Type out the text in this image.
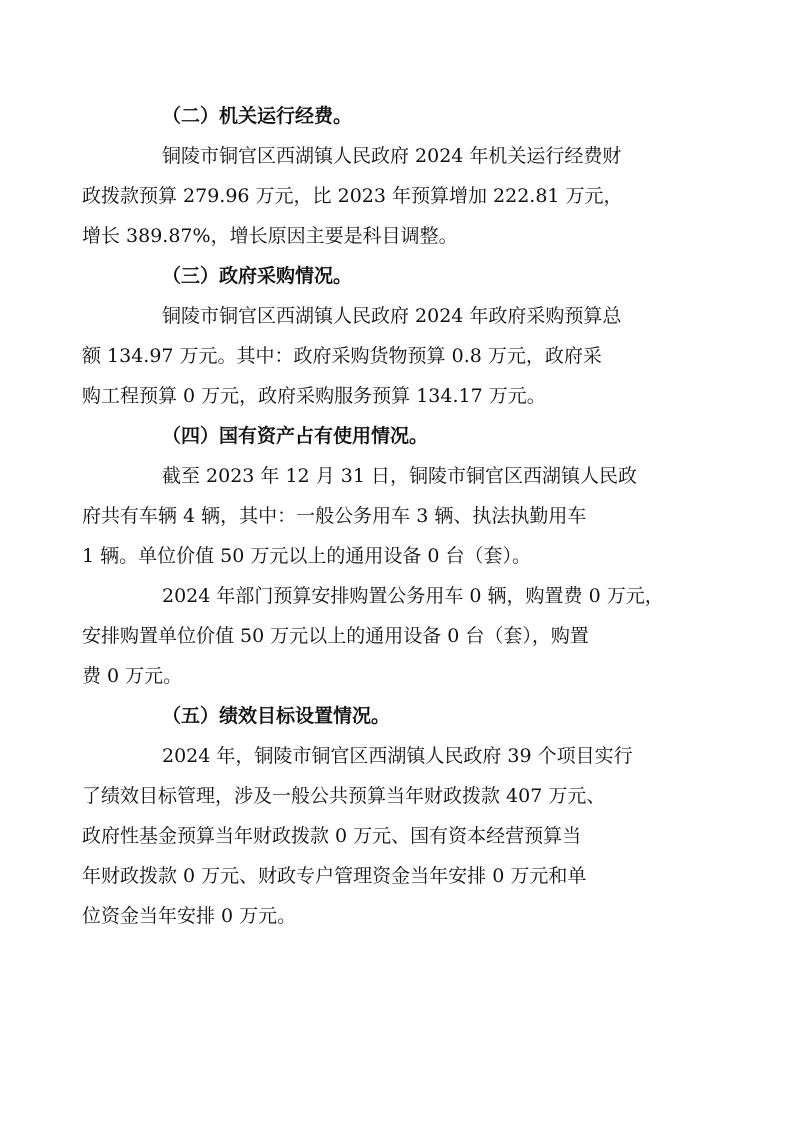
（二）机关运行经费。
铜陵市铜官区西湖镇人民政府 2024 年机关运行经费财
政拨款预算 279.96 万元，比 2023 年预算增加 222.81 万元，
增长 389.87%，增长原因主要是科目调整。
（三）政府采购情况。
铜陵市铜官区西湖镇人民政府 2024 年政府采购预算总
额 134.97 万元。其中：政府采购货物预算 0.8 万元，政府采
购工程预算 0 万元，政府采购服务预算 134.17 万元。
（四）国有资产占有使用情况。
截至 2023 年 12 月 31 日，铜陵市铜官区西湖镇人民政
府共有车辆 4 辆，其中：一般公务用车 3 辆、执法执勤用车
1 辆。单位价值 50 万元以上的通用设备 0 台（套）。
2024 年部门预算安排购置公务用车 0 辆，购置费 0 万元，
安排购置单位价值 50 万元以上的通用设备 0 台（套），购置
费 0 万元。
（五）绩效目标设置情况。
2024 年，铜陵市铜官区西湖镇人民政府 39 个项目实行
了绩效目标管理，涉及一般公共预算当年财政拨款 407 万元、
政府性基金预算当年财政拨款 0 万元、国有资本经营预算当
年财政拨款 0 万元、财政专户管理资金当年安排 0 万元和单
位资金当年安排 0 万元。
